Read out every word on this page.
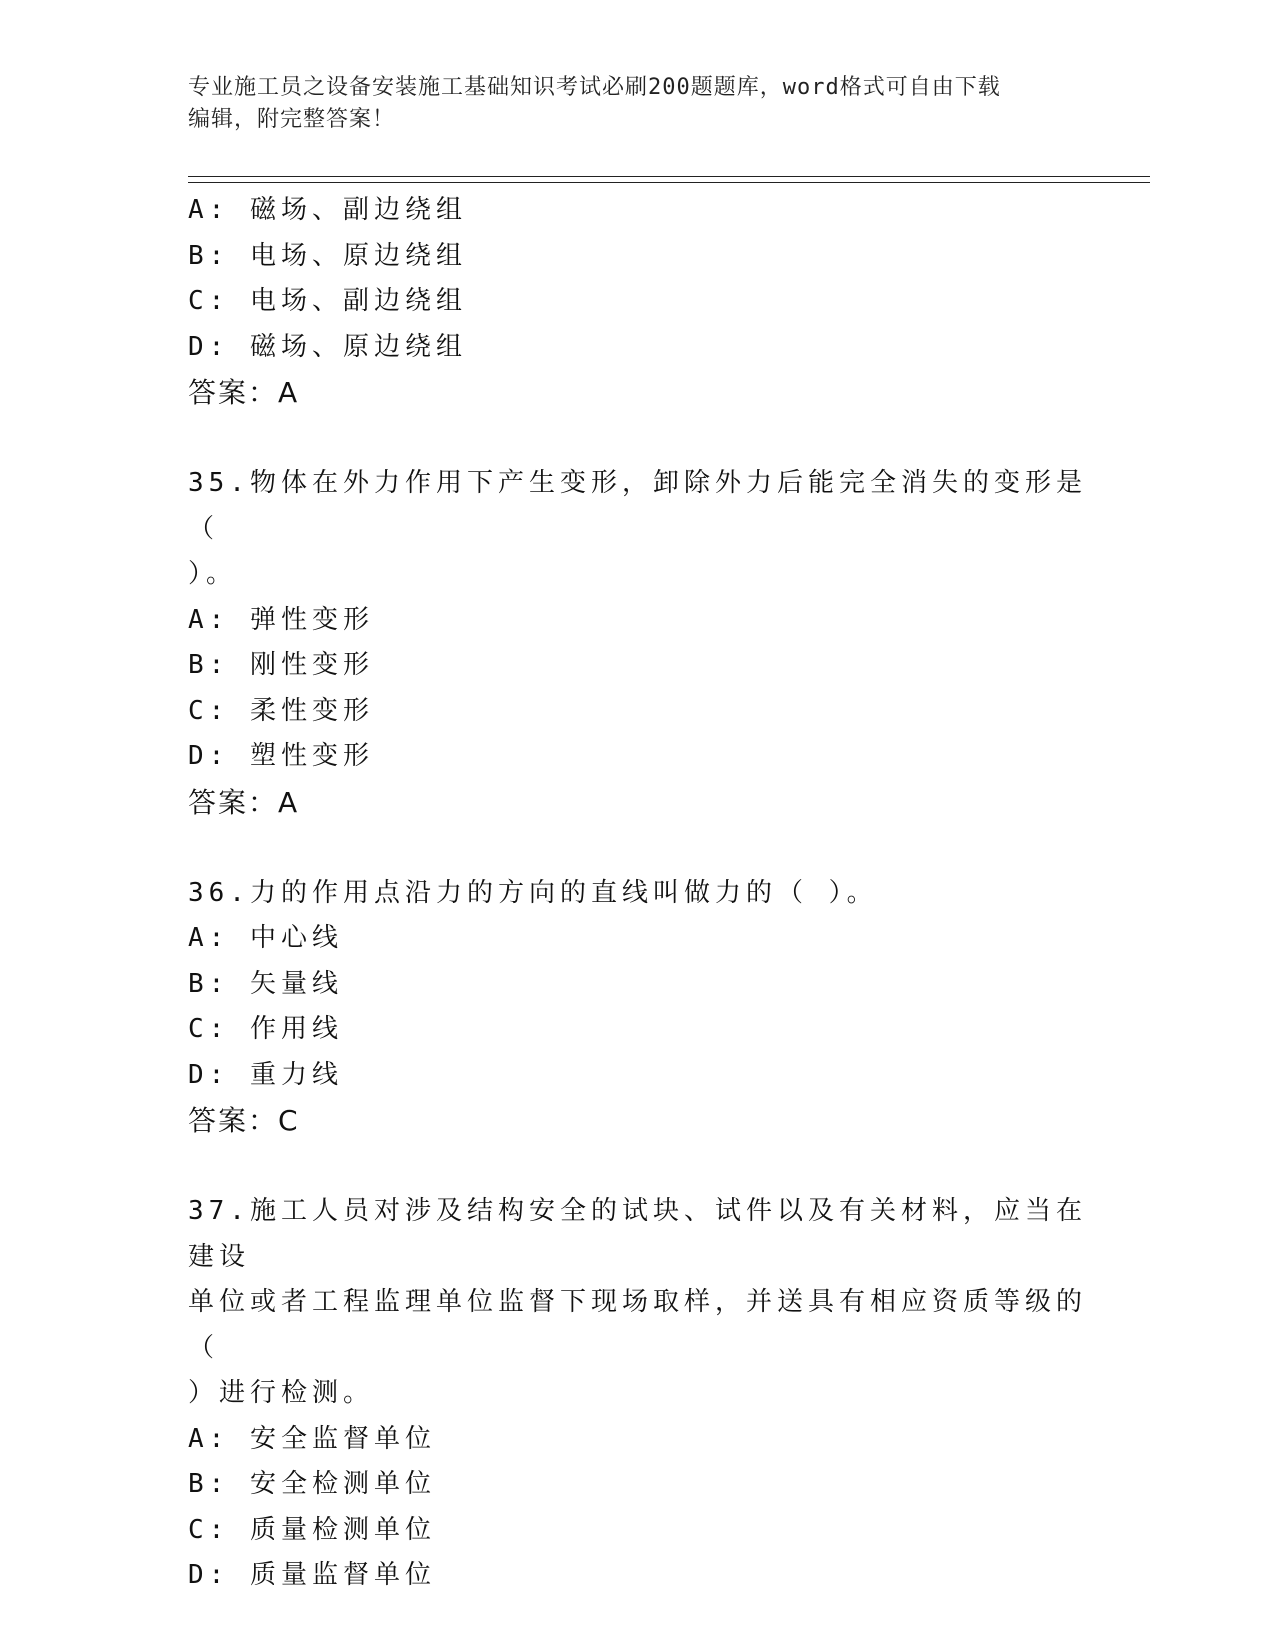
专业施工员之设备安装施工基础知识考试必刷200题题库，word格式可自由下载
编辑，附完整答案！
A: 磁场、副边绕组
B: 电场、原边绕组
C: 电场、副边绕组
D: 磁场、原边绕组
答案：A
35.物体在外力作用下产生变形，卸除外力后能完全消失的变形是（
）。
A: 弹性变形
B: 刚性变形
C: 柔性变形
D: 塑性变形
答案：A
36.力的作用点沿力的方向的直线叫做力的（ ）。
A: 中心线
B: 矢量线
C: 作用线
D: 重力线
答案：C
37.施工人员对涉及结构安全的试块、试件以及有关材料，应当在建设
单位或者工程监理单位监督下现场取样，并送具有相应资质等级的（
）进行检测。
A: 安全监督单位
B: 安全检测单位
C: 质量检测单位
D: 质量监督单位
